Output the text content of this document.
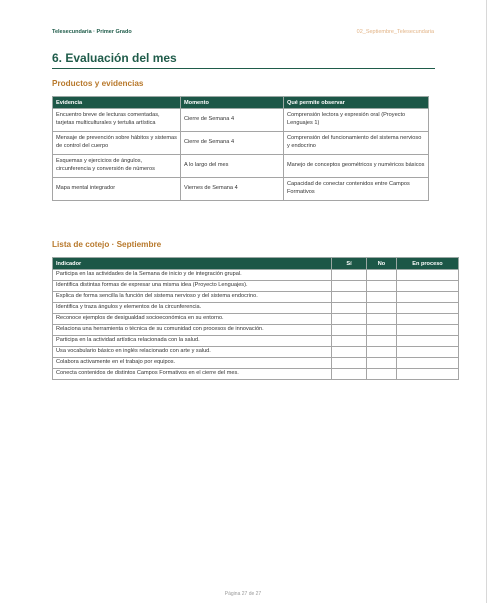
Telesecundaria · Primer Grado	02_Septiembre_Telesecundaria
6. Evaluación del mes
Productos y evidencias
Evidencia	Momento	Qué permite observar
Encuentro breve de lecturas comentadas, tarjetas multiculturales y tertulia artística	Cierre de Semana 4	Comprensión lectora y expresión oral (Proyecto Lenguajes 1)
Mensaje de prevención sobre hábitos y sistemas de control del cuerpo	Cierre de Semana 4	Comprensión del funcionamiento del sistema nervioso y endocrino
Esquemas y ejercicios de ángulos, circunferencia y conversión de números	A lo largo del mes	Manejo de conceptos geométricos y numéricos básicos
Mapa mental integrador	Viernes de Semana 4	Capacidad de conectar contenidos entre Campos Formativos
Lista de cotejo · Septiembre
Indicador	Sí	No	En proceso
Participa en las actividades de la Semana de inicio y de integración grupal.			
Identifica distintas formas de expresar una misma idea (Proyecto Lenguajes).			
Explica de forma sencilla la función del sistema nervioso y del sistema endocrino.			
Identifica y traza ángulos y elementos de la circunferencia.			
Reconoce ejemplos de desigualdad socioeconómica en su entorno.			
Relaciona una herramienta o técnica de su comunidad con procesos de innovación.			
Participa en la actividad artística relacionada con la salud.			
Usa vocabulario básico en inglés relacionado con arte y salud.			
Colabora activamente en el trabajo por equipos.			
Conecta contenidos de distintos Campos Formativos en el cierre del mes.			
Página 27 de 27
